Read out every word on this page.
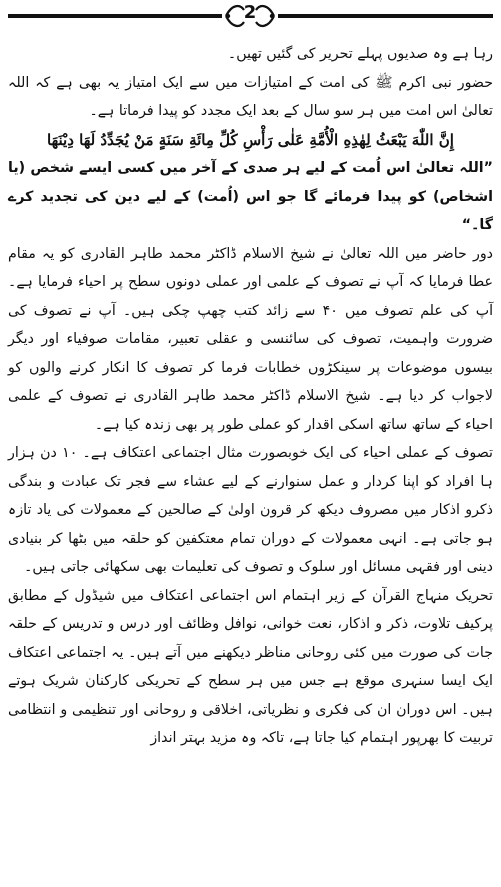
2

رہا ہے وہ صدیوں پہلے تحریر کی گئیں تھیں۔

حضور نبی اکرم ﷺ کی امت کے امتیازات میں سے ایک امتیاز یہ بھی ہے کہ اللہ تعالیٰ اس امت میں ہر سو سال کے بعد ایک مجدد کو پیدا فرماتا ہے۔

إِنَّ اللّٰهَ يَبْعَثُ لِهٰذِهِ الْأُمَّةِ عَلٰى رَأْسِ كُلِّ مِائَةِ سَنَةٍ مَنْ يُجَدِّدُ لَهَا دِيْنَهَا

”اللہ تعالیٰ اس اُمت کے لیے ہر صدی کے آخر میں کسی ایسے شخص (یا اشخاص) کو پیدا فرمائے گا جو اس (اُمت) کے لیے دین کی تجدید کرے گا۔“

دور حاضر میں اللہ تعالیٰ نے شیخ الاسلام ڈاکٹر محمد طاہر القادری کو یہ مقام عطا فرمایا کہ آپ نے تصوف کے علمی اور عملی دونوں سطح پر احیاء فرمایا ہے۔ آپ کی علم تصوف میں ۴۰ سے زائد کتب چھپ چکی ہیں۔ آپ نے تصوف کی ضرورت واہمیت، تصوف کی سائنسی و عقلی تعبیر، مقامات صوفیاء اور دیگر بیسوں موضوعات پر سینکڑوں خطابات فرما کر تصوف کا انکار کرنے والوں کو لاجواب کر دیا ہے۔ شیخ الاسلام ڈاکٹر محمد طاہر القادری نے تصوف کے علمی احیاء کے ساتھ ساتھ اسکی اقدار کو عملی طور پر بھی زندہ کیا ہے۔

تصوف کے عملی احیاء کی ایک خوبصورت مثال اجتماعی اعتکاف ہے۔ ۱۰ دن ہزار ہا افراد کو اپنا کردار و عمل سنوارنے کے لیے عشاء سے فجر تک عبادت و بندگی ذکرو اذکار میں مصروف دیکھ کر قرون اولیٰ کے صالحین کے معمولات کی یاد تازہ ہو جاتی ہے۔ انہی معمولات کے دوران تمام معتکفین کو حلقہ میں بٹھا کر بنیادی دینی اور فقہی مسائل اور سلوک و تصوف کی تعلیمات بھی سکھائی جاتی ہیں۔

تحریک منہاج القرآن کے زیر اہتمام اس اجتماعی اعتکاف میں شیڈول کے مطابق پرکیف تلاوت، ذکر و اذکار، نعت خوانی، نوافل وظائف اور درس و تدریس کے حلقہ جات کی صورت میں کئی روحانی مناظر دیکھنے میں آتے ہیں۔ یہ اجتماعی اعتکاف ایک ایسا سنہری موقع ہے جس میں ہر سطح کے تحریکی کارکنان شریک ہوتے ہیں۔ اس دوران ان کی فکری و نظریاتی، اخلاقی و روحانی اور تنظیمی و انتظامی تربیت کا بھرپور اہتمام کیا جاتا ہے، تاکہ وہ مزید بہتر انداز
